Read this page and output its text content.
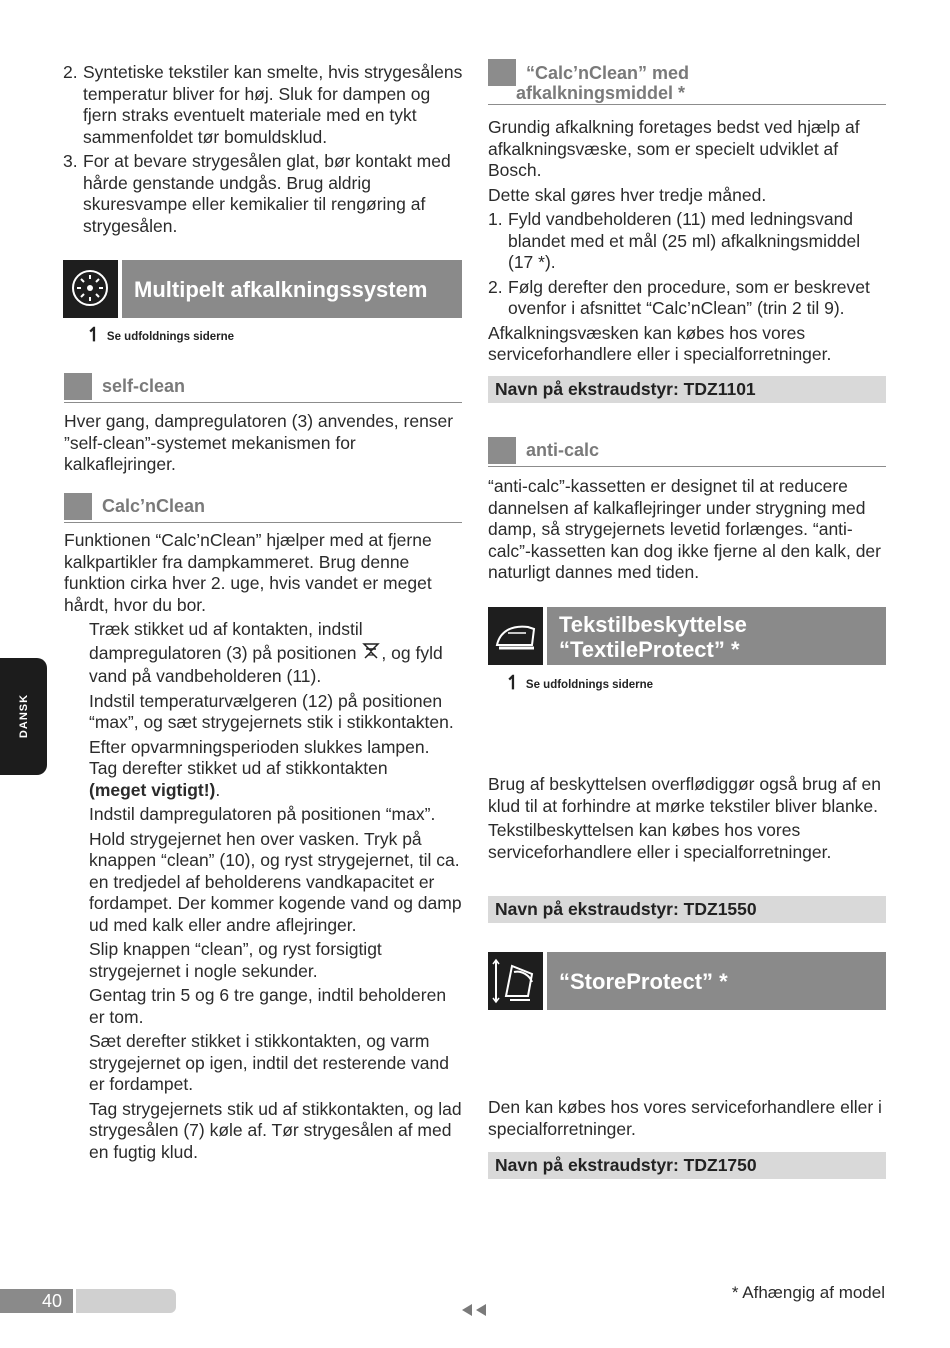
2. Syntetiske tekstiler kan smelte, hvis strygesålens temperatur bliver for høj. Sluk for dampen og fjern straks eventuelt materiale med en tykt sammenfoldet tør bomuldsklud.
3. For at bevare strygesålen glat, bør kontakt med hårde genstande undgås. Brug aldrig skuresvampe eller kemikalier til rengøring af strygesålen.
Multipelt afkalkningssystem
↿ Se udfoldnings siderne
self-clean
Hver gang, dampregulatoren (3) anvendes, renser ”self-clean”-systemet mekanismen for kalkaflejringer.
Calc’nClean
Funktionen “Calc’nClean” hjælper med at fjerne kalkpartikler fra dampkammeret. Brug denne funktion cirka hver 2. uge, hvis vandet er meget hårdt, hvor du bor.
Træk stikket ud af kontakten, indstil dampregulatoren (3) på positionen , og fyld vand på vandbeholderen (11).
Indstil temperaturvælgeren (12) på positionen “max”, og sæt strygejernets stik i stikkontakten.
Efter opvarmningsperioden slukkes lampen. Tag derefter stikket ud af stikkontakten
(meget vigtigt!).
Indstil dampregulatoren på positionen “max”.
Hold strygejernet hen over vasken. Tryk på knappen “clean” (10), og ryst strygejernet, til ca. en tredjedel af beholderens vandkapacitet er fordampet. Der kommer kogende vand og damp ud med kalk eller andre aflejringer.
Slip knappen “clean”, og ryst forsigtigt strygejernet i nogle sekunder.
Gentag trin 5 og 6 tre gange, indtil beholderen er tom.
Sæt derefter stikket i stikkontakten, og varm strygejernet op igen, indtil det resterende vand er fordampet.
Tag strygejernets stik ud af stikkontakten, og lad strygesålen (7) køle af. Tør strygesålen af med en fugtig klud.
“Calc’nClean” med
afkalkningsmiddel *
Grundig afkalkning foretages bedst ved hjælp af afkalkningsvæske, som er specielt udviklet af Bosch.
Dette skal gøres hver tredje måned.
1. Fyld vandbeholderen (11) med ledningsvand blandet med et mål (25 ml) afkalkningsmiddel (17 *).
2. Følg derefter den procedure, som er beskrevet ovenfor i afsnittet “Calc’nClean” (trin 2 til 9).
Afkalkningsvæsken kan købes hos vores serviceforhandlere eller i specialforretninger.
Navn på ekstraudstyr: TDZ1101
anti-calc
“anti-calc”-kassetten er designet til at reducere dannelsen af kalkaflejringer under strygning med damp, så strygejernets levetid forlænges. “anti-calc”-kassetten kan dog ikke fjerne al den kalk, der naturligt dannes med tiden.
Tekstilbeskyttelse
“TextileProtect” *
↿ Se udfoldnings siderne
Brug af beskyttelsen overflødiggør også brug af en klud til at forhindre at mørke tekstiler bliver blanke.
Tekstilbeskyttelsen kan købes hos vores serviceforhandlere eller i specialforretninger.
Navn på ekstraudstyr: TDZ1550
“StoreProtect” *
Den kan købes hos vores serviceforhandlere eller i specialforretninger.
Navn på ekstraudstyr: TDZ1750
DANSK
40	* Afhængig af model
